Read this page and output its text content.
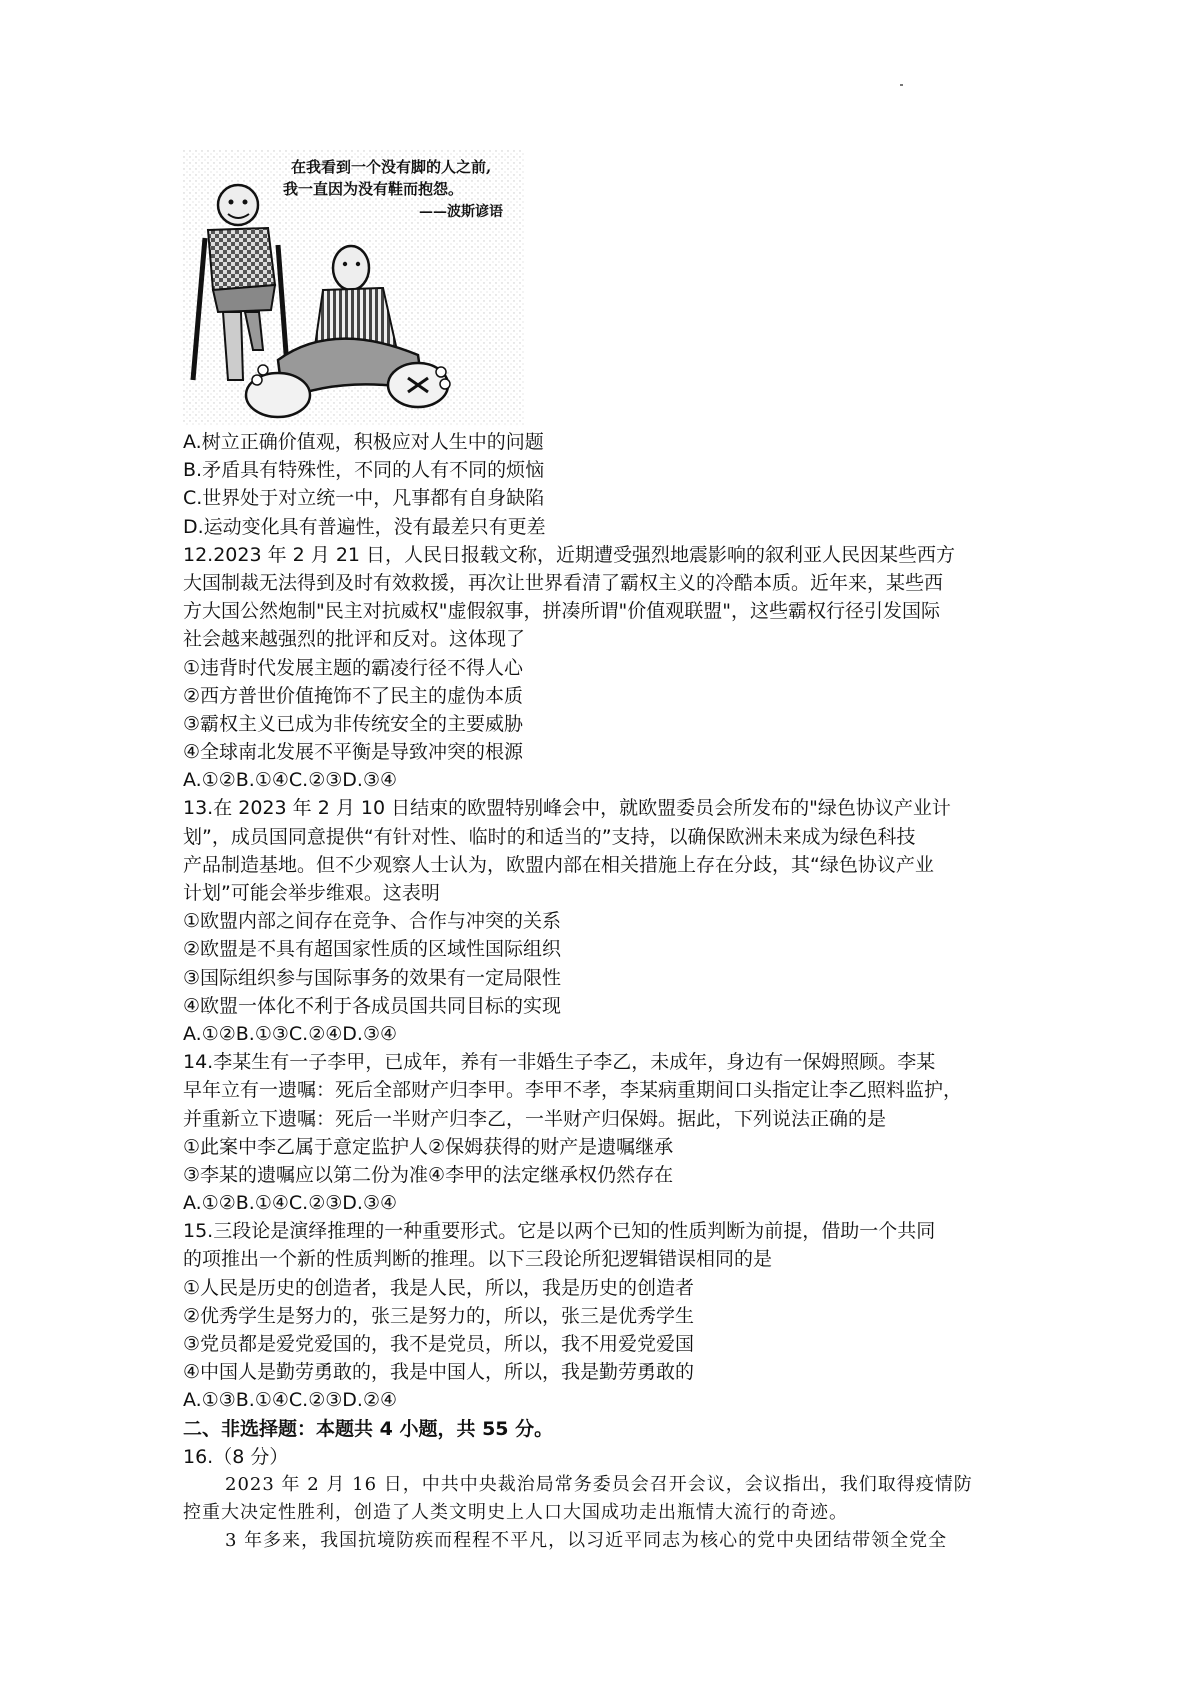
在我看到一个没有脚的人之前,
我一直因为没有鞋而抱怨。
——波斯谚语
A.树立正确价值观，积极应对人生中的问题
B.矛盾具有特殊性，不同的人有不同的烦恼
C.世界处于对立统一中，凡事都有自身缺陷
D.运动变化具有普遍性，没有最差只有更差
12.2023 年 2 月 21 日，人民日报载文称，近期遭受强烈地震影响的叙利亚人民因某些西方
大国制裁无法得到及时有效救援，再次让世界看清了霸权主义的冷酷本质。近年来，某些西
方大国公然炮制"民主对抗威权"虚假叙事，拼凑所谓"价值观联盟"，这些霸权行径引发国际
社会越来越强烈的批评和反对。这体现了
①违背时代发展主题的霸凌行径不得人心
②西方普世价值掩饰不了民主的虚伪本质
③霸权主义已成为非传统安全的主要威胁
④全球南北发展不平衡是导致冲突的根源
A.①②B.①④C.②③D.③④
13.在 2023 年 2 月 10 日结束的欧盟特别峰会中，就欧盟委员会所发布的"绿色协议产业计
划”，成员国同意提供“有针对性、临时的和适当的”支持，以确保欧洲未来成为绿色科技
产品制造基地。但不少观察人士认为，欧盟内部在相关措施上存在分歧，其“绿色协议产业
计划”可能会举步维艰。这表明
①欧盟内部之间存在竞争、合作与冲突的关系
②欧盟是不具有超国家性质的区域性国际组织
③国际组织参与国际事务的效果有一定局限性
④欧盟一体化不利于各成员国共同目标的实现
A.①②B.①③C.②④D.③④
14.李某生有一子李甲，已成年，养有一非婚生子李乙，未成年，身边有一保姆照顾。李某
早年立有一遗嘱：死后全部财产归李甲。李甲不孝，李某病重期间口头指定让李乙照料监护，
并重新立下遗嘱：死后一半财产归李乙，一半财产归保姆。据此，下列说法正确的是
①此案中李乙属于意定监护人②保姆获得的财产是遗嘱继承
③李某的遗嘱应以第二份为准④李甲的法定继承权仍然存在
A.①②B.①④C.②③D.③④
15.三段论是演绎推理的一种重要形式。它是以两个已知的性质判断为前提，借助一个共同
的项推出一个新的性质判断的推理。以下三段论所犯逻辑错误相同的是
①人民是历史的创造者，我是人民，所以，我是历史的创造者
②优秀学生是努力的，张三是努力的，所以，张三是优秀学生
③党员都是爱党爱国的，我不是党员，所以，我不用爱党爱国
④中国人是勤劳勇敢的，我是中国人，所以，我是勤劳勇敢的
A.①③B.①④C.②③D.②④
二、非选择题：本题共 4 小题，共 55 分。
16.（8 分）
2023 年 2 月 16 日，中共中央裁治局常务委员会召开会议，会议指出，我们取得疫情防
控重大决定性胜利，创造了人类文明史上人口大国成功走出瓶情大流行的奇迹。
3 年多来，我国抗境防疾而程程不平凡，以习近平同志为核心的党中央团结带领全党全
